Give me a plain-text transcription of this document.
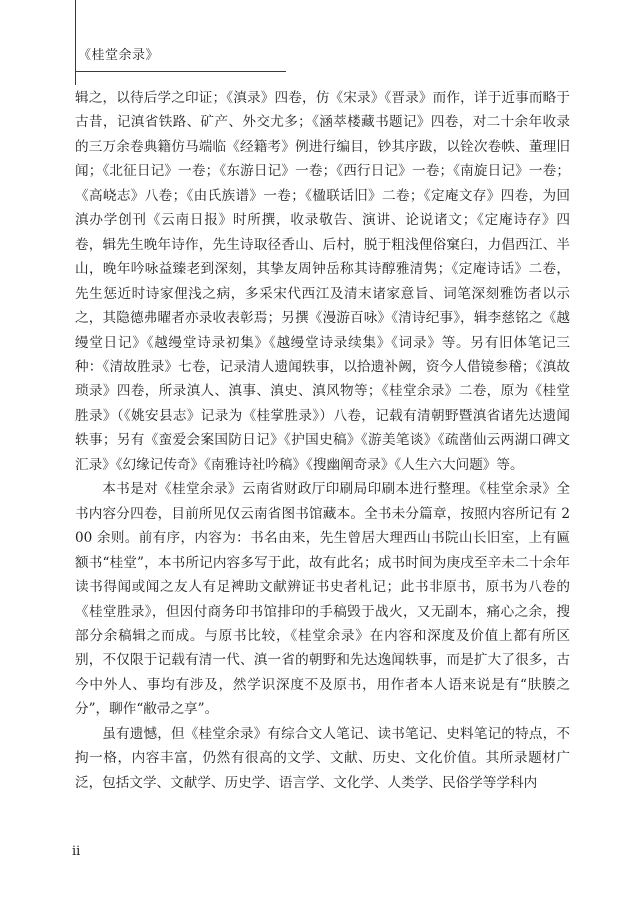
《桂堂余录》

辑之，以待后学之印证；《滇录》四卷，仿《宋录》《晋录》而作，详于近事而略于古昔，记滇省铁路、矿产、外交尤多；《涵萃楼藏书题记》四卷，对二十余年收录的三万余卷典籍仿马端临《经籍考》例进行编目，钞其序跋，以铨次卷帙、董理旧闻；《北征日记》一卷；《东游日记》一卷；《西行日记》一卷；《南旋日记》一卷；《高峣志》八卷；《由氏族谱》一卷；《楹联话旧》二卷；《定庵文存》四卷，为回滇办学创刊《云南日报》时所撰，收录敬告、演讲、论说诸文；《定庵诗存》四卷，辑先生晚年诗作，先生诗取径香山、后村，脱于粗浅俚俗窠臼，力倡西江、半山，晚年吟咏益臻老到深刻，其挚友周钟岳称其诗醇雅清隽；《定庵诗话》二卷，先生惩近时诗家俚浅之病，多采宋代西江及清末诸家意旨、词笔深刻雅饬者以示之，其隐德弗曜者亦录收表彰焉；另撰《漫游百咏》《清诗纪事》，辑李慈铭之《越缦堂日记》《越缦堂诗录初集》《越缦堂诗录续集》《词录》等。另有旧体笔记三种：《清故胜录》七卷，记录清人遗闻轶事，以拾遗补阙，资今人借镜参稽；《滇故琐录》四卷，所录滇人、滇事、滇史、滇风物等；《桂堂余录》二卷，原为《桂堂胜录》（《姚安县志》记录为《桂掌胜录》）八卷，记载有清朝野暨滇省诸先达遗闻轶事；另有《蛮爱会案国防日记》《护国史稿》《游美笔谈》《疏凿仙云两湖口碑文汇录》《幻缘记传奇》《南雅诗社吟稿》《搜幽阐奇录》《人生六大问题》等。

本书是对《桂堂余录》云南省财政厅印刷局印刷本进行整理。《桂堂余录》全书内容分四卷，目前所见仅云南省图书馆藏本。全书未分篇章，按照内容所记有 200 余则。前有序，内容为：书名由来，先生曾居大理西山书院山长旧室，上有匾额书“桂堂”，本书所记内容多写于此，故有此名；成书时间为庚戌至辛未二十余年读书得闻或闻之友人有足裨助文献辨证书史者札记；此书非原书，原书为八卷的《桂堂胜录》，但因付商务印书馆排印的手稿毁于战火，又无副本，痛心之余，搜部分余稿辑之而成。与原书比较，《桂堂余录》在内容和深度及价值上都有所区别，不仅限于记载有清一代、滇一省的朝野和先达逸闻轶事，而是扩大了很多，古今中外人、事均有涉及，然学识深度不及原书，用作者本人语来说是有“肤腠之分”，聊作“敝帚之享”。

虽有遗憾，但《桂堂余录》有综合文人笔记、读书笔记、史料笔记的特点，不拘一格，内容丰富，仍然有很高的文学、文献、历史、文化价值。其所录题材广泛，包括文学、文献学、历史学、语言学、文化学、人类学、民俗学等学科内

ii
